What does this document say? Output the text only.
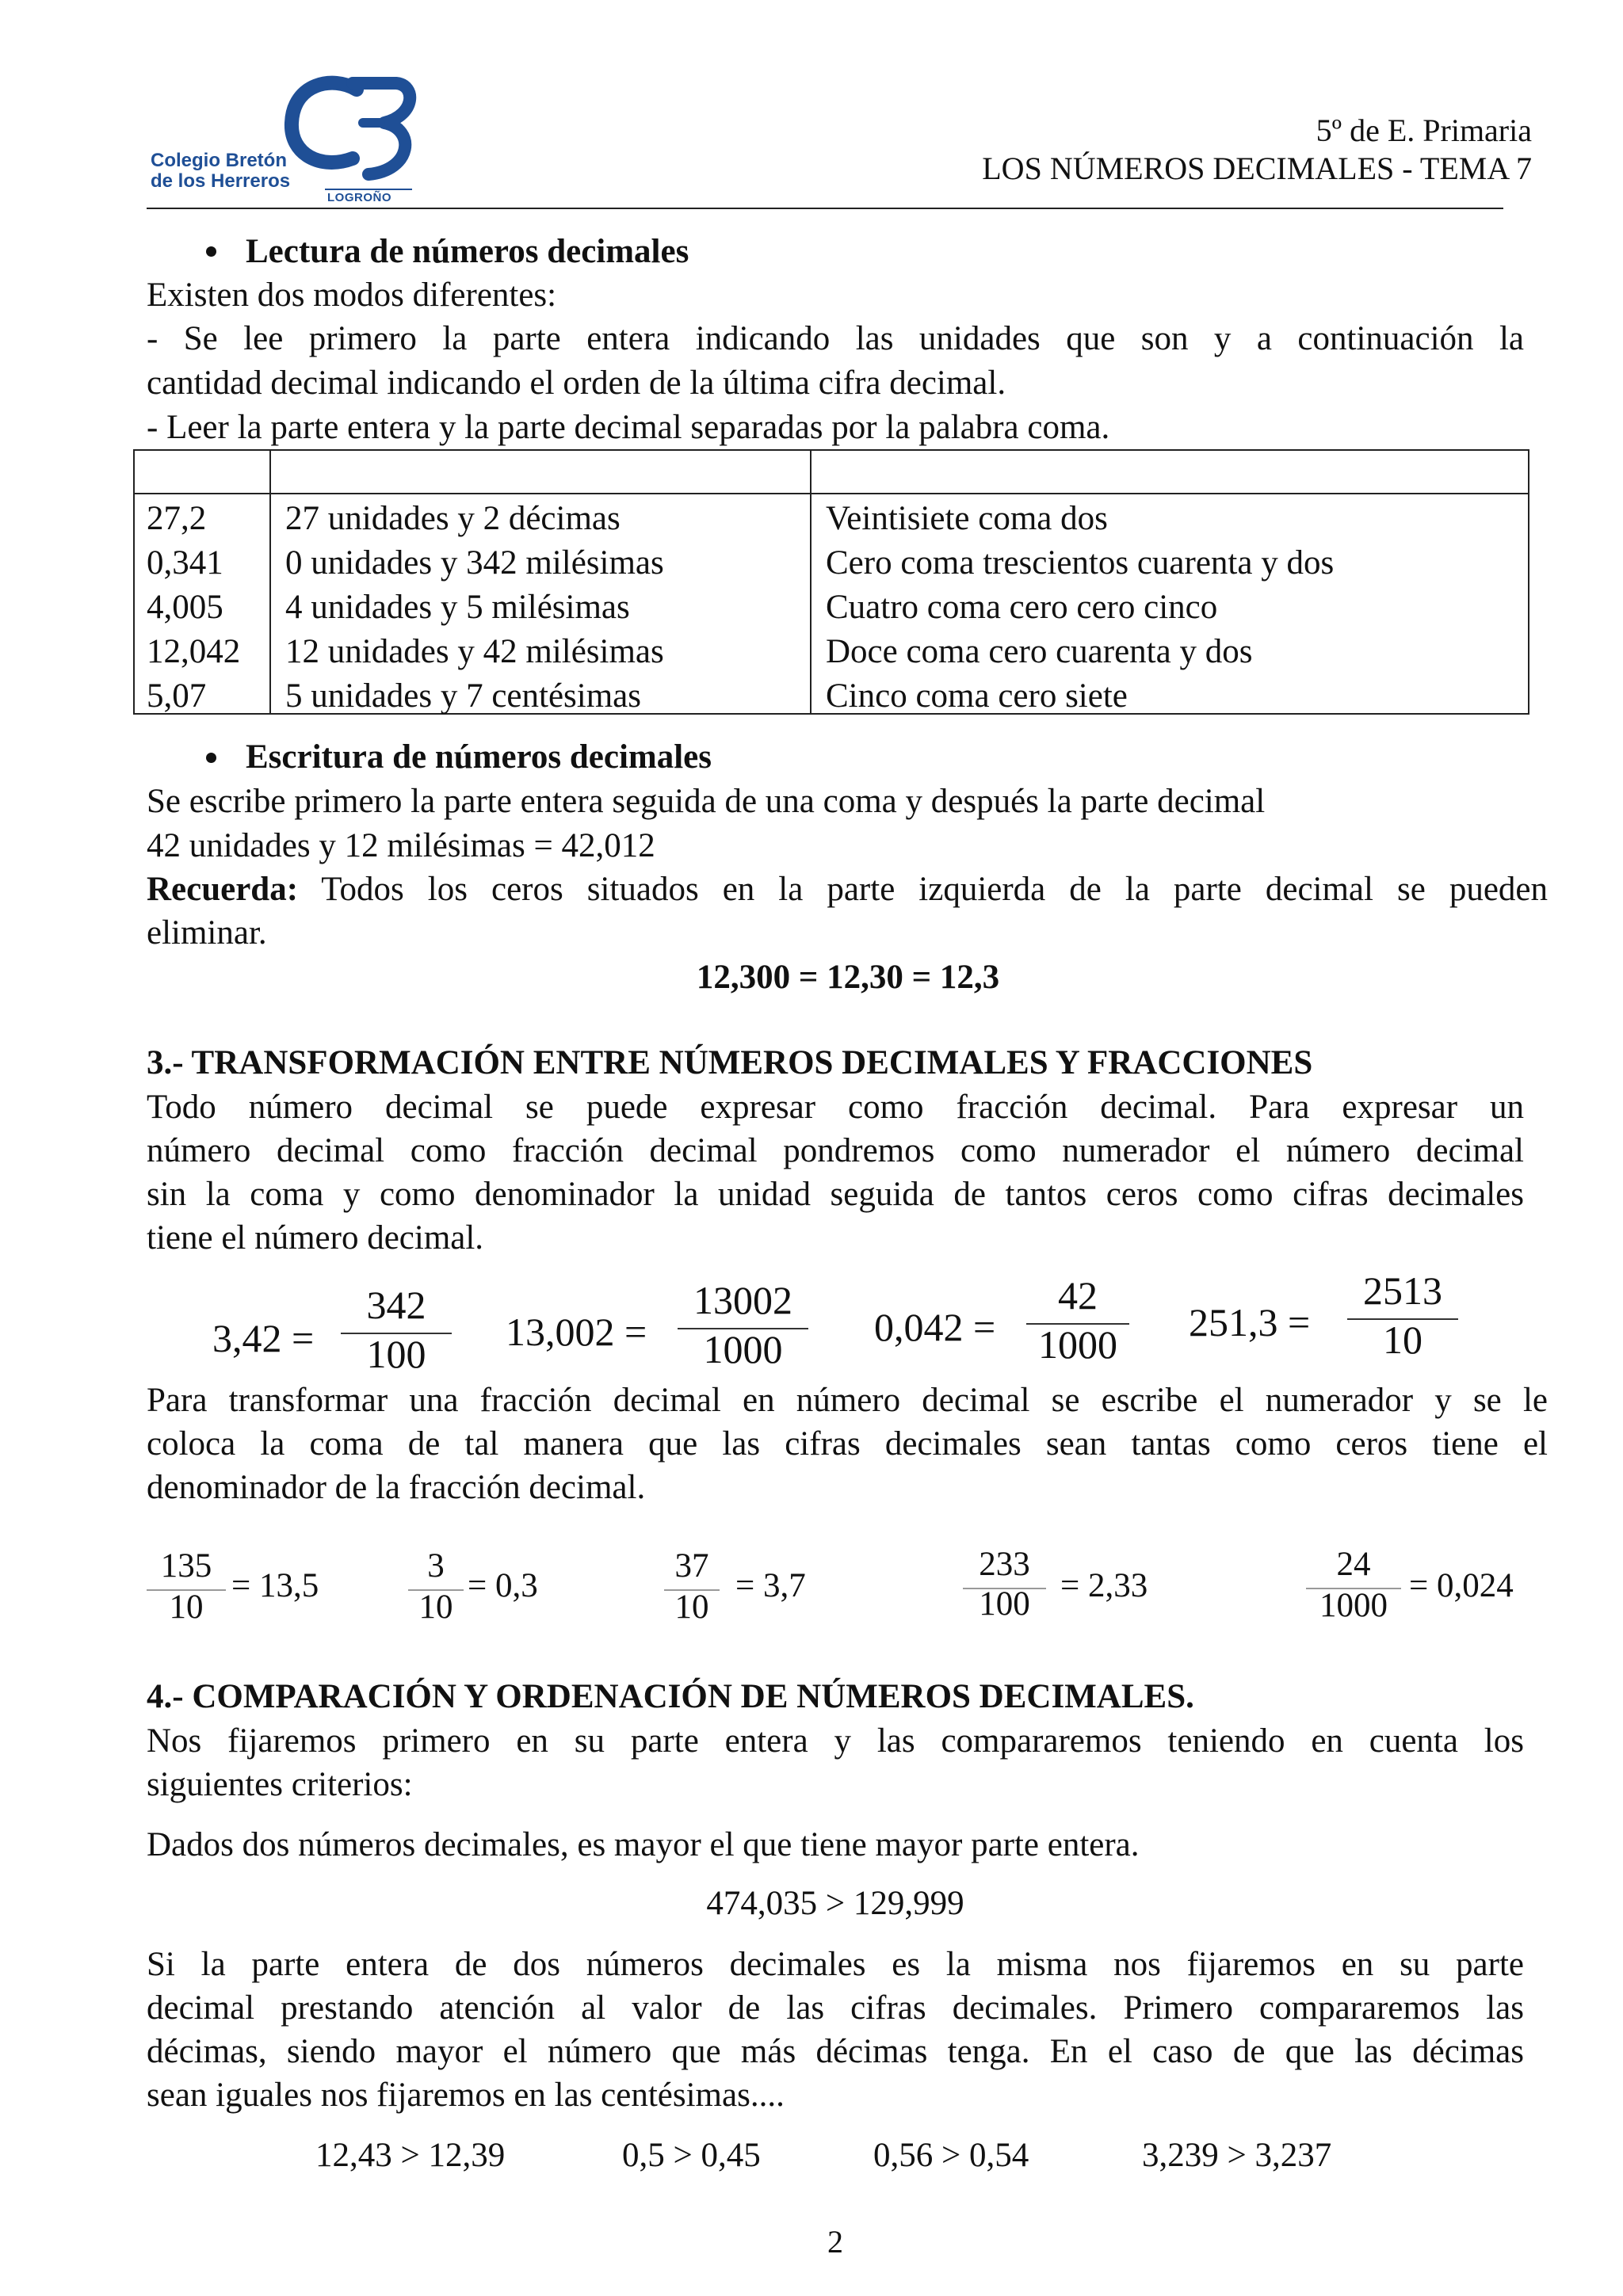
Colegio Bretón
de los Herreros
LOGROÑO
5º de E. Primaria
LOS NÚMEROS DECIMALES - TEMA 7
Lectura de números decimales
Existen dos modos diferentes:
- Se lee primero la parte entera indicando las unidades que son y a continuación la
cantidad decimal indicando el orden de la última cifra decimal.
- Leer la parte entera y la parte decimal separadas por la palabra coma.
27,2 27 unidades y 2 décimas	Veintisiete coma dos
0,341 0 unidades y 342 milésimas	Cero coma trescientos cuarenta y dos
4,005 4 unidades y 5 milésimas	Cuatro coma cero cero cinco
12,042 12 unidades y 42 milésimas	Doce coma cero cuarenta y dos
5,07 5 unidades y 7 centésimas	Cinco coma cero siete
Escritura de números decimales
Se escribe primero la parte entera seguida de una coma y después la parte decimal
42 unidades y 12 milésimas = 42,012
Recuerda: Todos los ceros situados en la parte izquierda de la parte decimal se pueden
eliminar.
12,300 = 12,30 = 12,3
3.- TRANSFORMACIÓN ENTRE NÚMEROS DECIMALES Y FRACCIONES
Todo número decimal se puede expresar como fracción decimal. Para expresar un
número decimal como fracción decimal pondremos como numerador el número decimal
sin la coma y como denominador la unidad seguida de tantos ceros como cifras decimales
tiene el número decimal.
3,42 =
342
100	13,002 =
13002
1000	0,042 =
42
1000	251,3 =
2513
10
Para transformar una fracción decimal en número decimal se escribe el numerador y se le
coloca la coma de tal manera que las cifras decimales sean tantas como ceros tiene el
denominador de la fracción decimal.
135
10
= 13,5
3
10
= 0,3
37
10
= 3,7
233
100 = 2,33
24
1000
= 0,024
4.- COMPARACIÓN Y ORDENACIÓN DE NÚMEROS DECIMALES.
Nos fijaremos primero en su parte entera y las compararemos teniendo en cuenta los
siguientes criterios:
Dados dos números decimales, es mayor el que tiene mayor parte entera.
474,035 > 129,999
Si la parte entera de dos números decimales es la misma nos fijaremos en su parte
decimal prestando atención al valor de las cifras decimales. Primero compararemos las
décimas, siendo mayor el número que más décimas tenga. En el caso de que las décimas
sean iguales nos fijaremos en las centésimas....
12,43 > 12,39	0,5 > 0,45	0,56 > 0,54	3,239 > 3,237
2
